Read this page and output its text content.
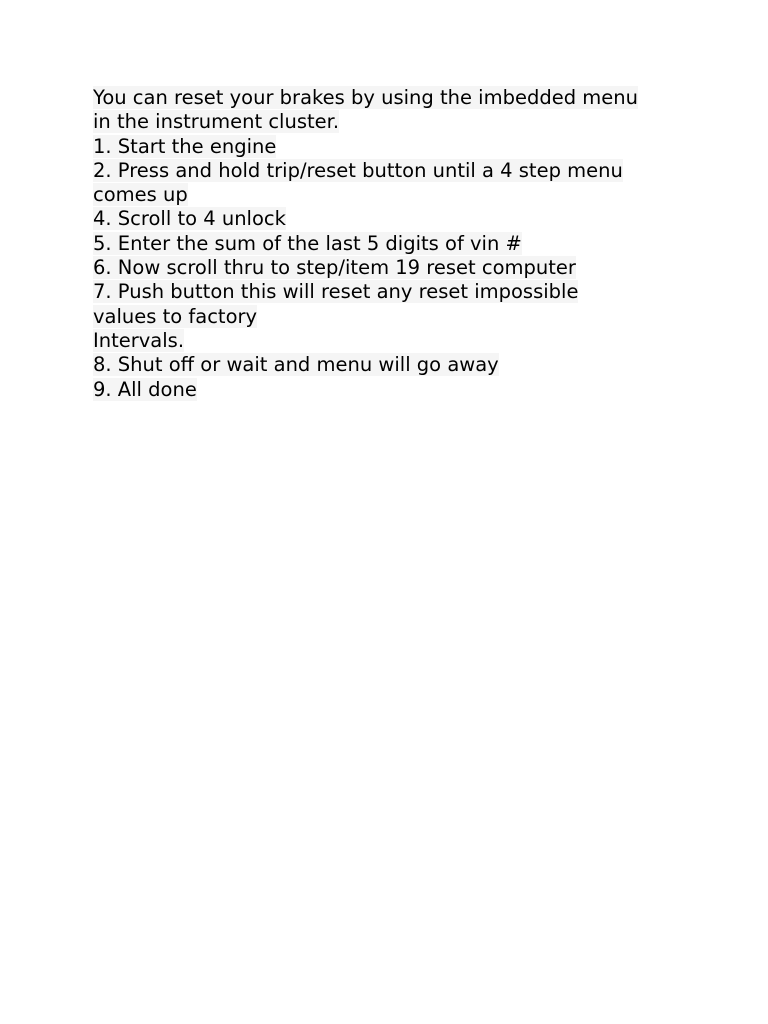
You can reset your brakes by using the imbedded menu
in the instrument cluster.
1. Start the engine
2. Press and hold trip/reset button until a 4 step menu
comes up
4. Scroll to 4 unlock
5. Enter the sum of the last 5 digits of vin #
6. Now scroll thru to step/item 19 reset computer
7. Push button this will reset any reset impossible
values to factory
Intervals.
8. Shut off or wait and menu will go away
9. All done
